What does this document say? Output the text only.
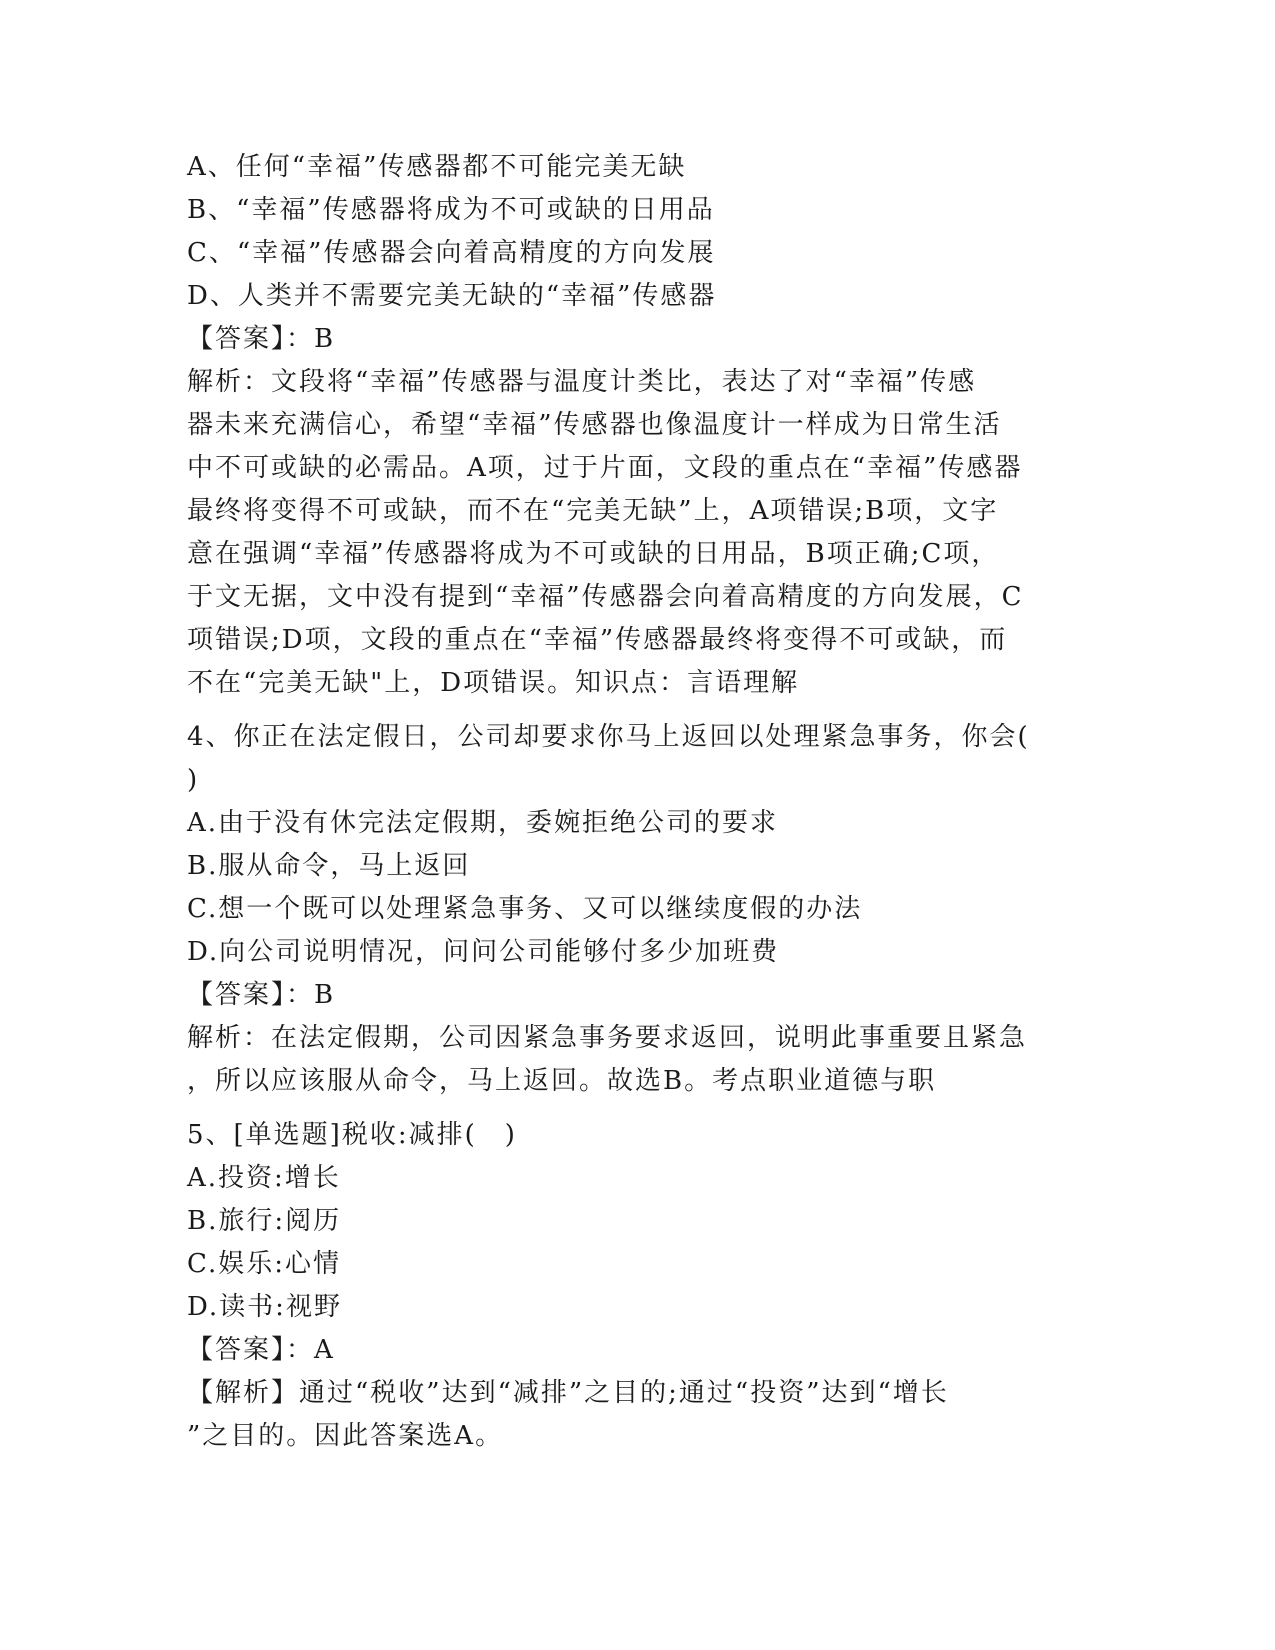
A、任何“幸福”传感器都不可能完美无缺
B、“幸福”传感器将成为不可或缺的日用品
C、“幸福”传感器会向着高精度的方向发展
D、人类并不需要完美无缺的“幸福”传感器
【答案】：B
解析：文段将“幸福”传感器与温度计类比，表达了对“幸福”传感
器未来充满信心，希望“幸福”传感器也像温度计一样成为日常生活
中不可或缺的必需品。A项，过于片面，文段的重点在“幸福”传感器
最终将变得不可或缺，而不在“完美无缺”上，A项错误;B项，文字
意在强调“幸福”传感器将成为不可或缺的日用品，B项正确;C项，
于文无据，文中没有提到“幸福”传感器会向着高精度的方向发展，C
项错误;D项，文段的重点在“幸福”传感器最终将变得不可或缺，而
不在“完美无缺"上，D项错误。知识点：言语理解
4、你正在法定假日，公司却要求你马上返回以处理紧急事务，你会(
)
A.由于没有休完法定假期，委婉拒绝公司的要求
B.服从命令，马上返回
C.想一个既可以处理紧急事务、又可以继续度假的办法
D.向公司说明情况，问问公司能够付多少加班费
【答案】：B
解析：在法定假期，公司因紧急事务要求返回，说明此事重要且紧急
，所以应该服从命令，马上返回。故选B。考点职业道德与职
5、[单选题]税收:减排(　)
A.投资:增长
B.旅行:阅历
C.娱乐:心情
D.读书:视野
【答案】：A
【解析】通过“税收”达到“减排”之目的;通过“投资”达到“增长
”之目的。因此答案选A。
